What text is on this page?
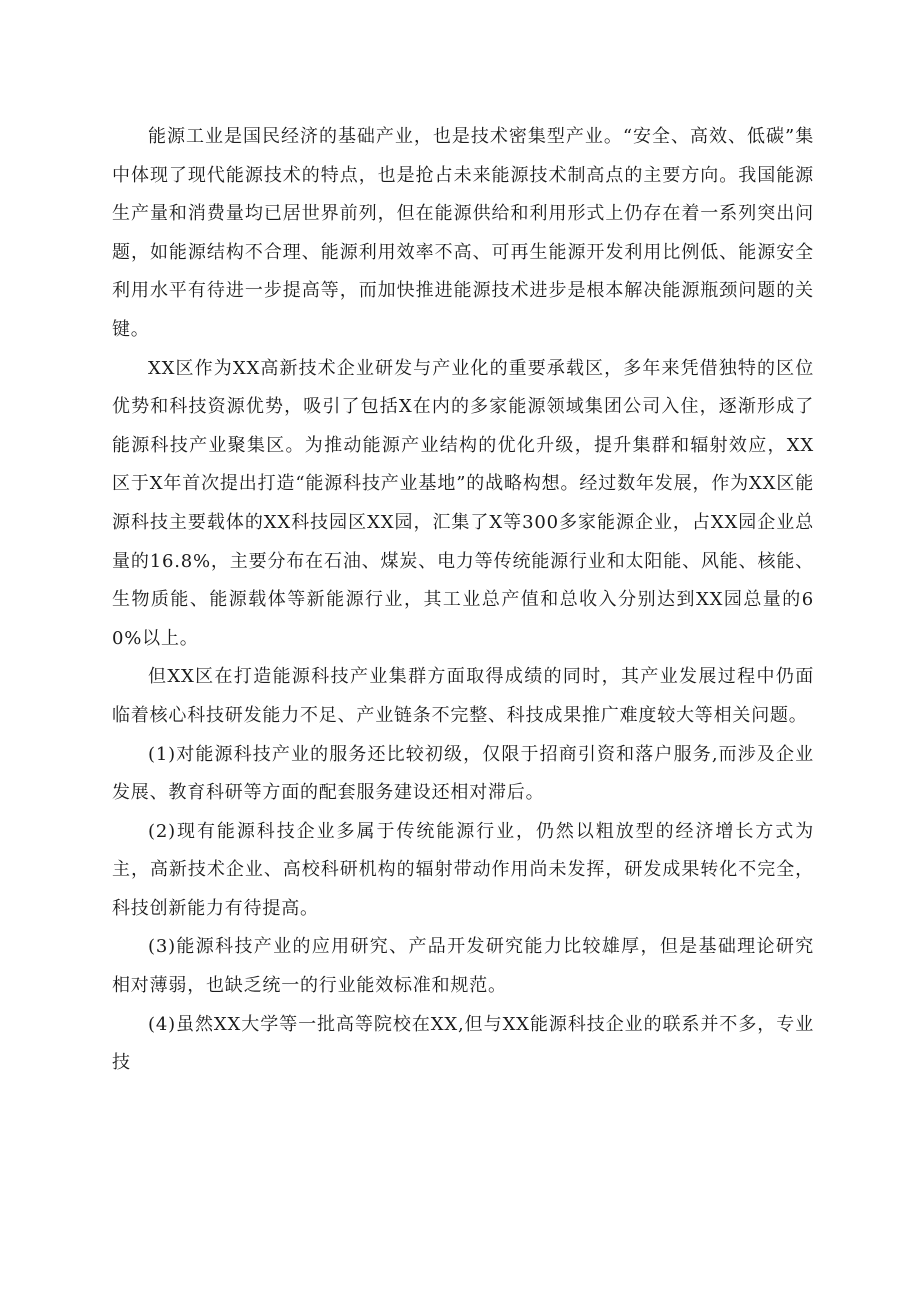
能源工业是国民经济的基础产业，也是技术密集型产业。“安全、高效、低碳”集中体现了现代能源技术的特点，也是抢占未来能源技术制高点的主要方向。我国能源生产量和消费量均已居世界前列，但在能源供给和利用形式上仍存在着一系列突出问题，如能源结构不合理、能源利用效率不高、可再生能源开发利用比例低、能源安全利用水平有待进一步提高等，而加快推进能源技术进步是根本解决能源瓶颈问题的关键。

XX区作为XX高新技术企业研发与产业化的重要承载区，多年来凭借独特的区位优势和科技资源优势，吸引了包括X在内的多家能源领域集团公司入住，逐渐形成了能源科技产业聚集区。为推动能源产业结构的优化升级，提升集群和辐射效应，XX区于X年首次提出打造“能源科技产业基地”的战略构想。经过数年发展，作为XX区能源科技主要载体的XX科技园区XX园，汇集了X等300多家能源企业，占XX园企业总量的16.8%，主要分布在石油、煤炭、电力等传统能源行业和太阳能、风能、核能、生物质能、能源载体等新能源行业，其工业总产值和总收入分别达到XX园总量的60%以上。

但XX区在打造能源科技产业集群方面取得成绩的同时，其产业发展过程中仍面临着核心科技研发能力不足、产业链条不完整、科技成果推广难度较大等相关问题。

(1)对能源科技产业的服务还比较初级，仅限于招商引资和落户服务,而涉及企业发展、教育科研等方面的配套服务建设还相对滞后。

(2)现有能源科技企业多属于传统能源行业，仍然以粗放型的经济增长方式为主，高新技术企业、高校科研机构的辐射带动作用尚未发挥，研发成果转化不完全，科技创新能力有待提高。

(3)能源科技产业的应用研究、产品开发研究能力比较雄厚，但是基础理论研究相对薄弱，也缺乏统一的行业能效标准和规范。

(4)虽然XX大学等一批高等院校在XX,但与XX能源科技企业的联系并不多，专业技
